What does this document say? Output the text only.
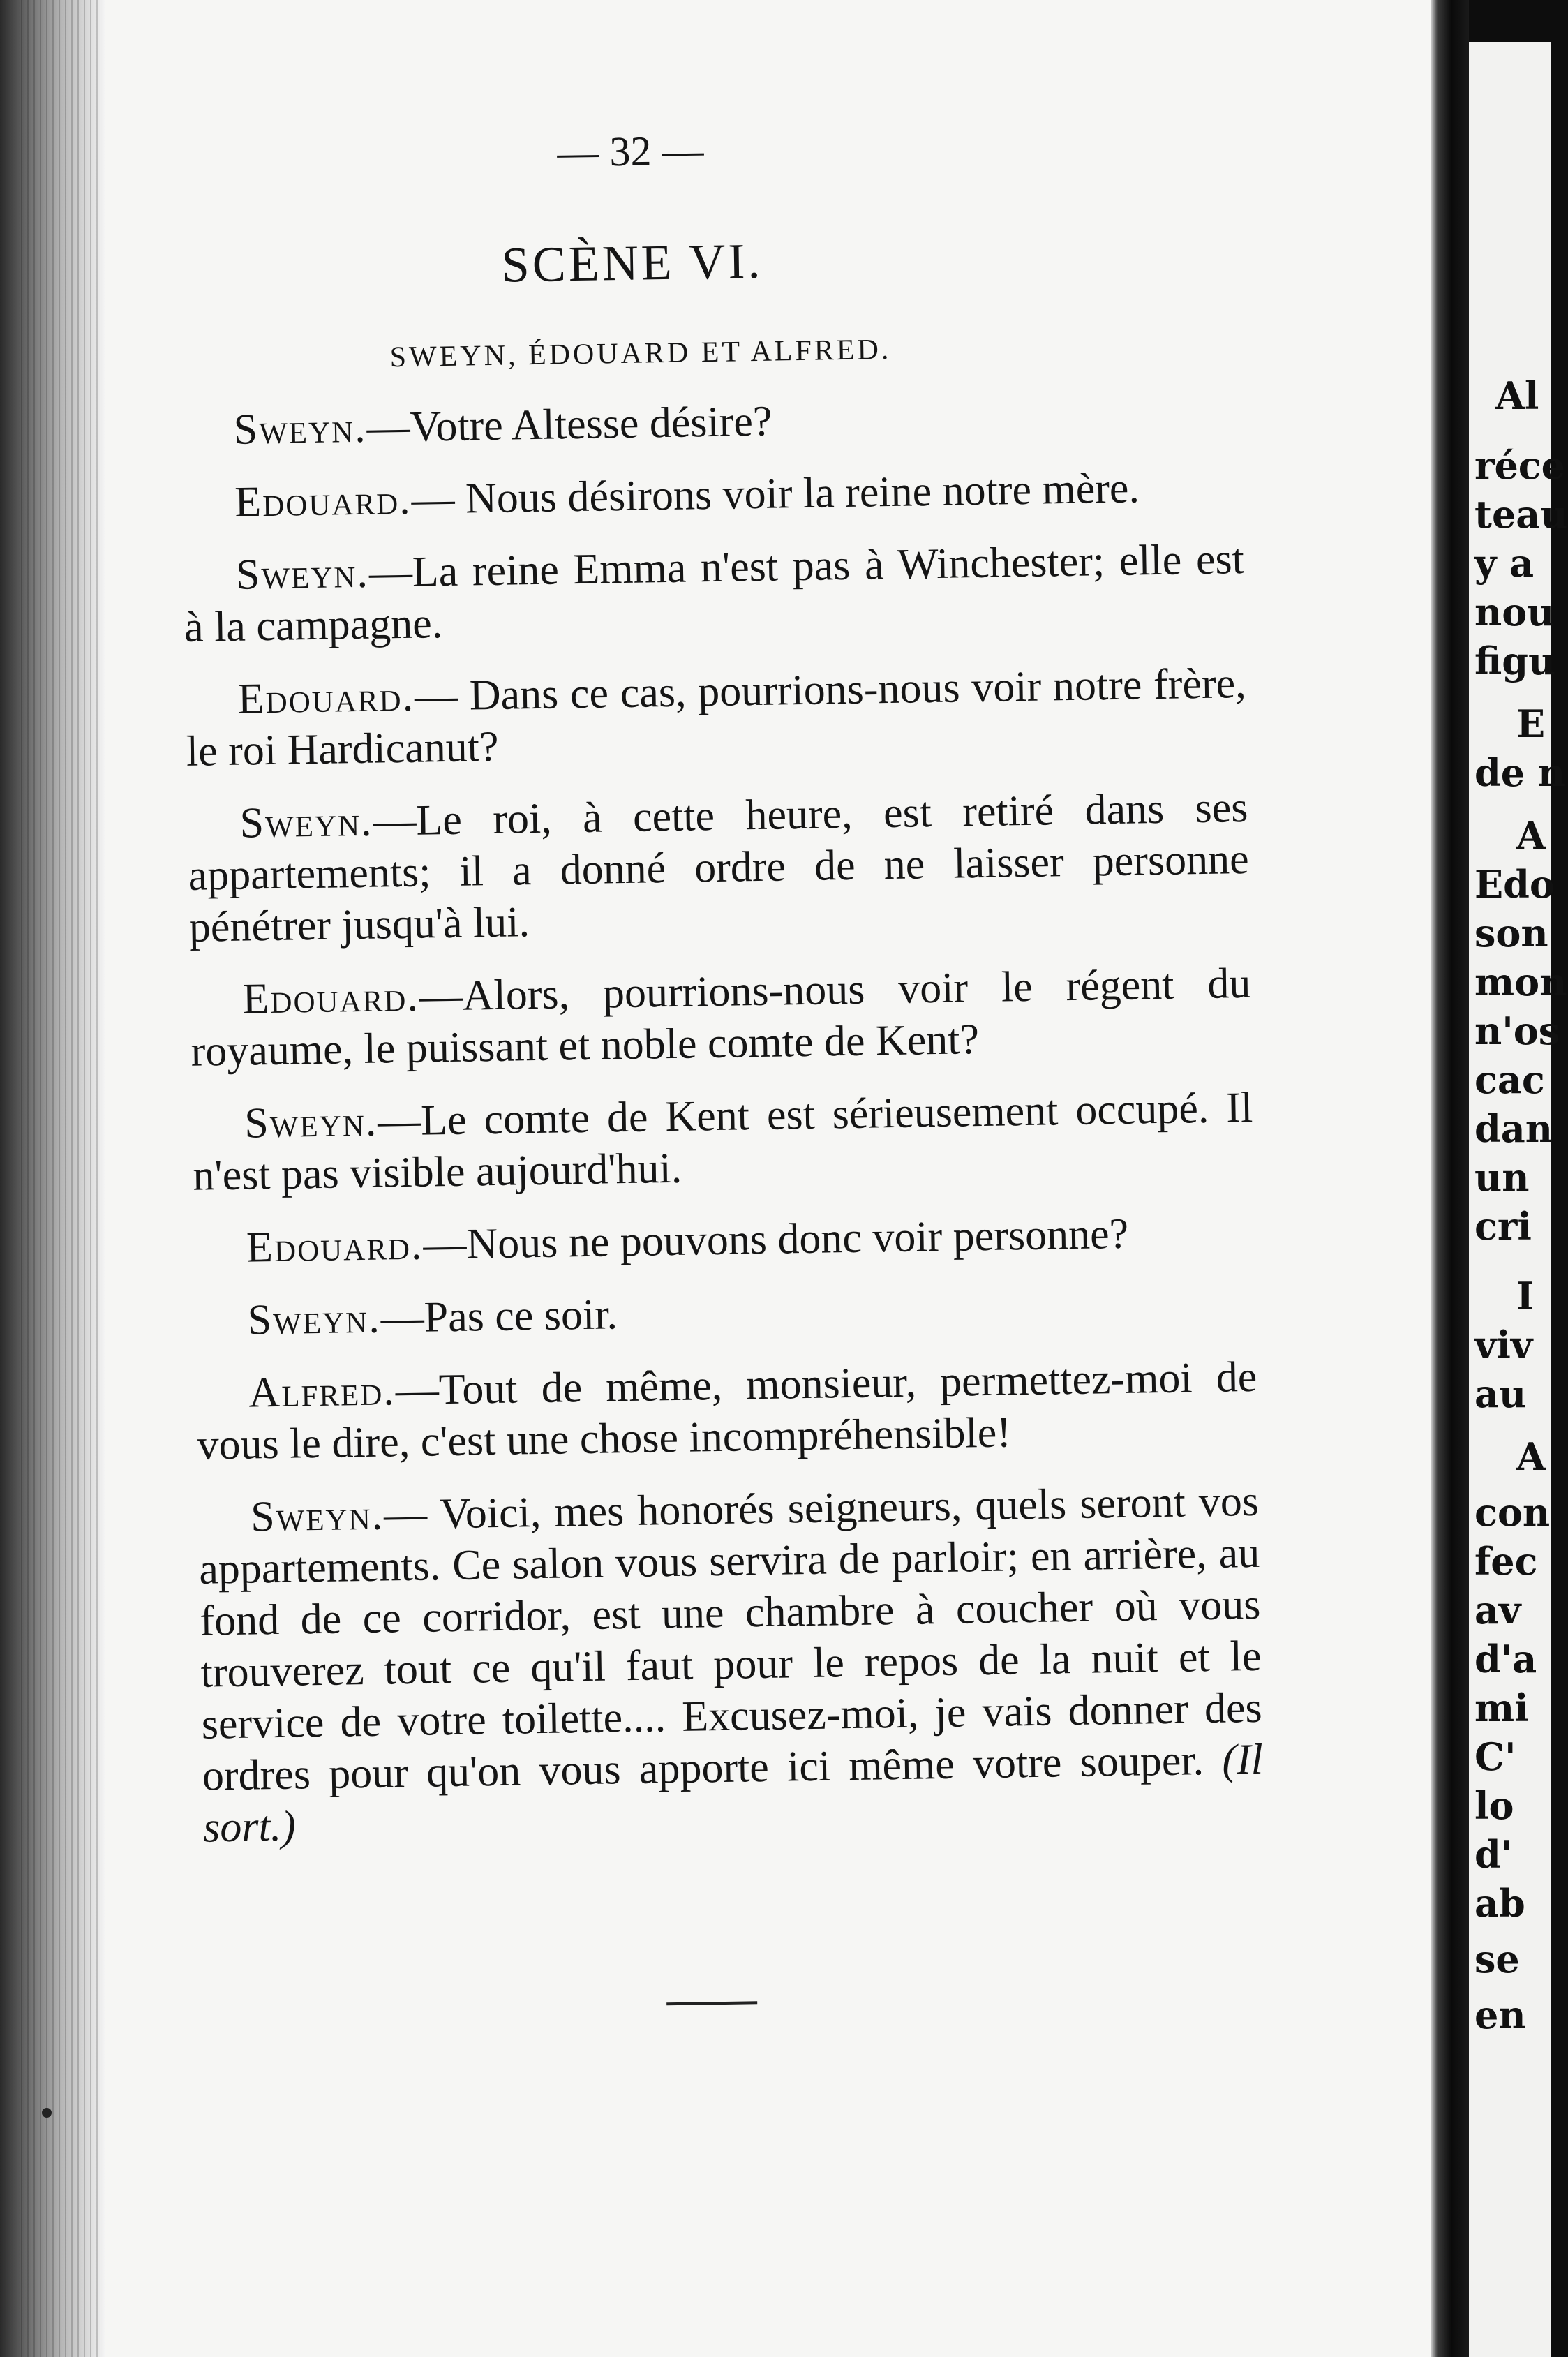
Al
réce
teau
y a
nou
figu
E
de n
A
Edo
son
mon
n'os
cac
dan
un
cri
I
viv
au
A
con
fec
av
d'a
mi
C'
lo
d'
ab
se
en
— 32 —
SCÈNE VI.
SWEYN, ÉDOUARD ET ALFRED.

Sweyn.—Votre Altesse désire?

Edouard.— Nous désirons voir la reine notre mère.

Sweyn.—La reine Emma n'est pas à Winchester; elle est à la campagne.

Edouard.— Dans ce cas, pourrions-nous voir notre frère, le roi Hardicanut?

Sweyn.—Le roi, à cette heure, est retiré dans ses appartements; il a donné ordre de ne laisser personne pénétrer jusqu'à lui.

Edouard.—Alors, pourrions-nous voir le régent du royaume, le puissant et noble comte de Kent?

Sweyn.—Le comte de Kent est sérieusement occupé. Il n'est pas visible aujourd'hui.

Edouard.—Nous ne pouvons donc voir personne?

Sweyn.—Pas ce soir.

Alfred.—Tout de même, monsieur, permettez-moi de vous le dire, c'est une chose incompréhensible!

Sweyn.— Voici, mes honorés seigneurs, quels seront vos appartements. Ce salon vous servira de parloir; en arrière, au fond de ce corridor, est une chambre à coucher où vous trouverez tout ce qu'il faut pour le repos de la nuit et le service de votre toilette.... Excusez-moi, je vais donner des ordres pour qu'on vous apporte ici même votre souper. (Il sort.)
